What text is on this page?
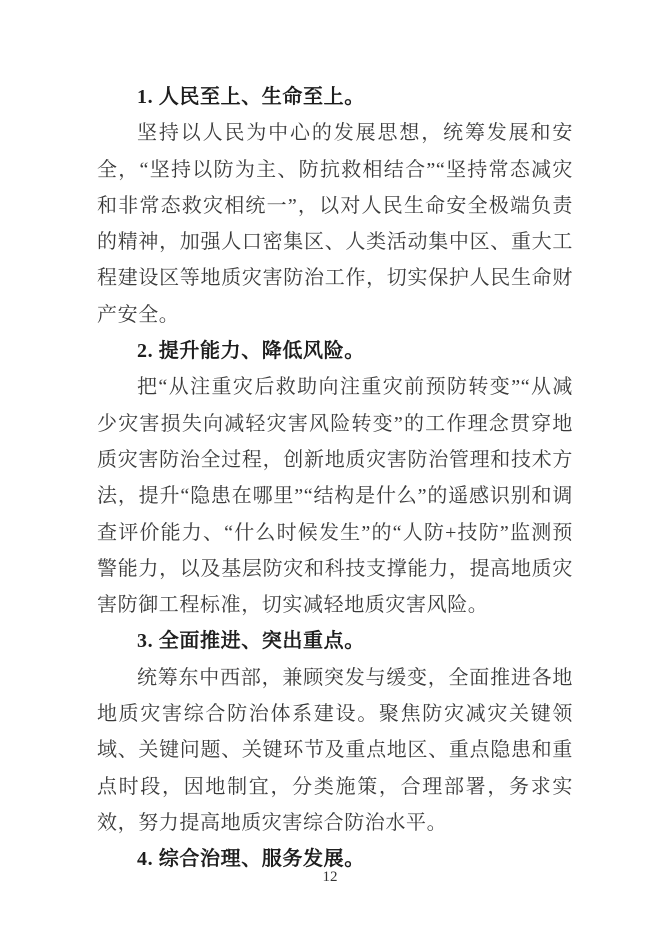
1. 人民至上、生命至上。

坚持以人民为中心的发展思想，统筹发展和安全，“坚持以防为主、防抗救相结合”“坚持常态减灾和非常态救灾相统一”，以对人民生命安全极端负责的精神，加强人口密集区、人类活动集中区、重大工程建设区等地质灾害防治工作，切实保护人民生命财产安全。

2. 提升能力、降低风险。

把“从注重灾后救助向注重灾前预防转变”“从减少灾害损失向减轻灾害风险转变”的工作理念贯穿地质灾害防治全过程，创新地质灾害防治管理和技术方法，提升“隐患在哪里”“结构是什么”的遥感识别和调查评价能力、“什么时候发生”的“人防+技防”监测预警能力，以及基层防灾和科技支撑能力，提高地质灾害防御工程标准，切实减轻地质灾害风险。

3. 全面推进、突出重点。

统筹东中西部，兼顾突发与缓变，全面推进各地地质灾害综合防治体系建设。聚焦防灾减灾关键领域、关键问题、关键环节及重点地区、重点隐患和重点时段，因地制宜，分类施策，合理部署，务求实效，努力提高地质灾害综合防治水平。

4. 综合治理、服务发展。
12
